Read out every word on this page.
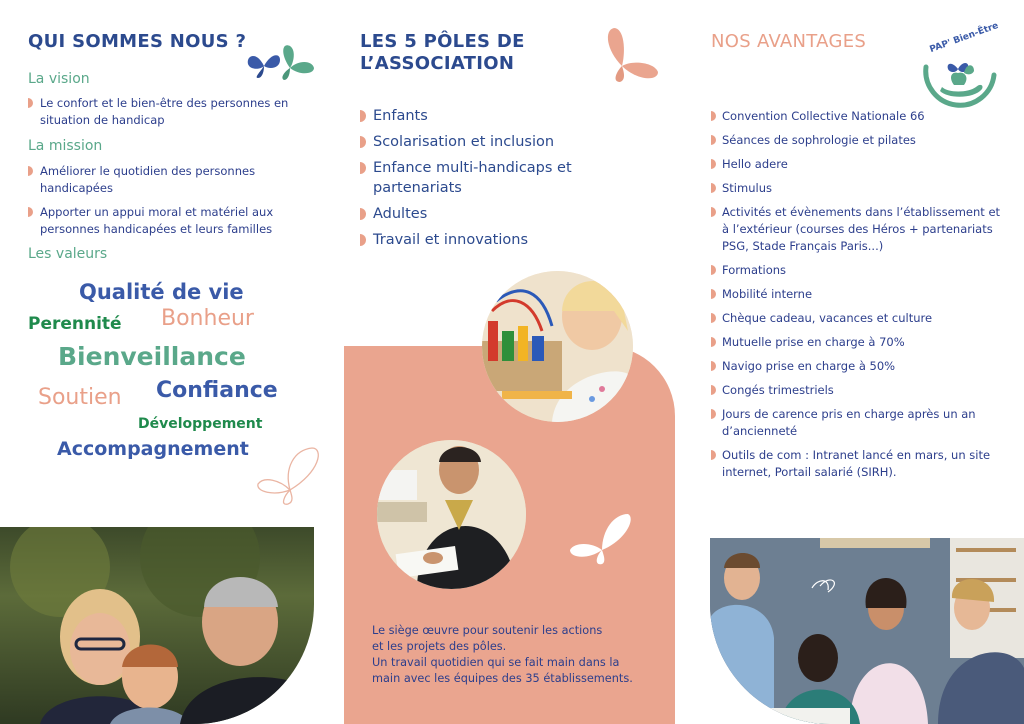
QUI SOMMES NOUS ?
La vision
Le confort et le bien-être des personnes en situation de handicap
La mission
Améliorer le quotidien des personnes handicapées
Apporter un appui moral et matériel aux personnes handicapées et leurs familles
Les valeurs
Qualité de vie
Perennité Bonheur
Bienveillance
Soutien Confiance
Développement
Accompagnement
LES 5 PÔLES DE
L’ASSOCIATION
Enfants
Scolarisation et inclusion
Enfance multi-handicaps et partenariats
Adultes
Travail et innovations
Le siège œuvre pour soutenir les actions
et les projets des pôles.
Un travail quotidien qui se fait main dans la
main avec les équipes des 35 établissements.
NOS AVANTAGES	PAP' Bien-Être
Convention Collective Nationale 66
Séances de sophrologie et pilates
Hello adere
Stimulus
Activités et évènements dans l’établissement et à l’extérieur (courses des Héros + partenariats PSG, Stade Français Paris...)
Formations
Mobilité interne
Chèque cadeau, vacances et culture
Mutuelle prise en charge à 70%
Navigo prise en charge à 50%
Congés trimestriels
Jours de carence pris en charge après un an d’ancienneté
Outils de com : Intranet lancé en mars, un site internet, Portail salarié (SIRH).
